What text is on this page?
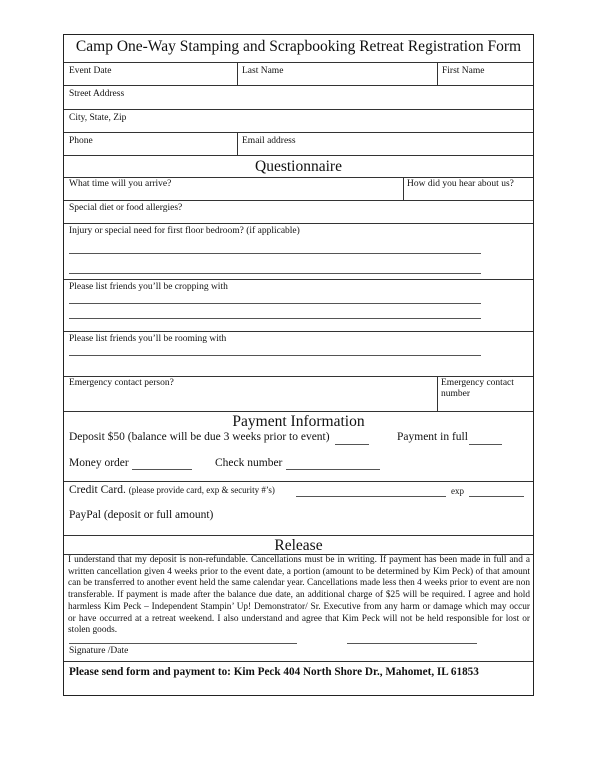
Camp One-Way Stamping and Scrapbooking Retreat Registration Form
Event Date	Last Name	First Name
Street Address
City, State, Zip
Phone	Email address
Questionnaire
What time will you arrive?	How did you hear about us?
Special diet or food allergies?
Injury or special need for first floor bedroom? (if applicable)
Please list friends you’ll be cropping with
Please list friends you’ll be rooming with
Emergency contact person?	Emergency contact number
Payment Information
Deposit $50 (balance will be due 3 weeks prior to event)	Payment in full
Money order	Check number
Credit Card. (please provide card, exp & security #’s)	exp
PayPal (deposit or full amount)
Release
I understand that my deposit is non-refundable. Cancellations must be in writing. If payment has been made in full and a written cancellation given 4 weeks prior to the event date, a portion (amount to be determined by Kim Peck) of that amount can be transferred to another event held the same calendar year. Cancellations made less then 4 weeks prior to event are non transferable. If payment is made after the balance due date, an additional charge of $25 will be required. I agree and hold harmless Kim Peck – Independent Stampin’ Up! Demonstrator/ Sr. Executive from any harm or damage which may occur or have occurred at a retreat weekend. I also understand and agree that Kim Peck will not be held responsible for lost or stolen goods.
Signature /Date
Please send form and payment to: Kim Peck 404 North Shore Dr., Mahomet, IL 61853
